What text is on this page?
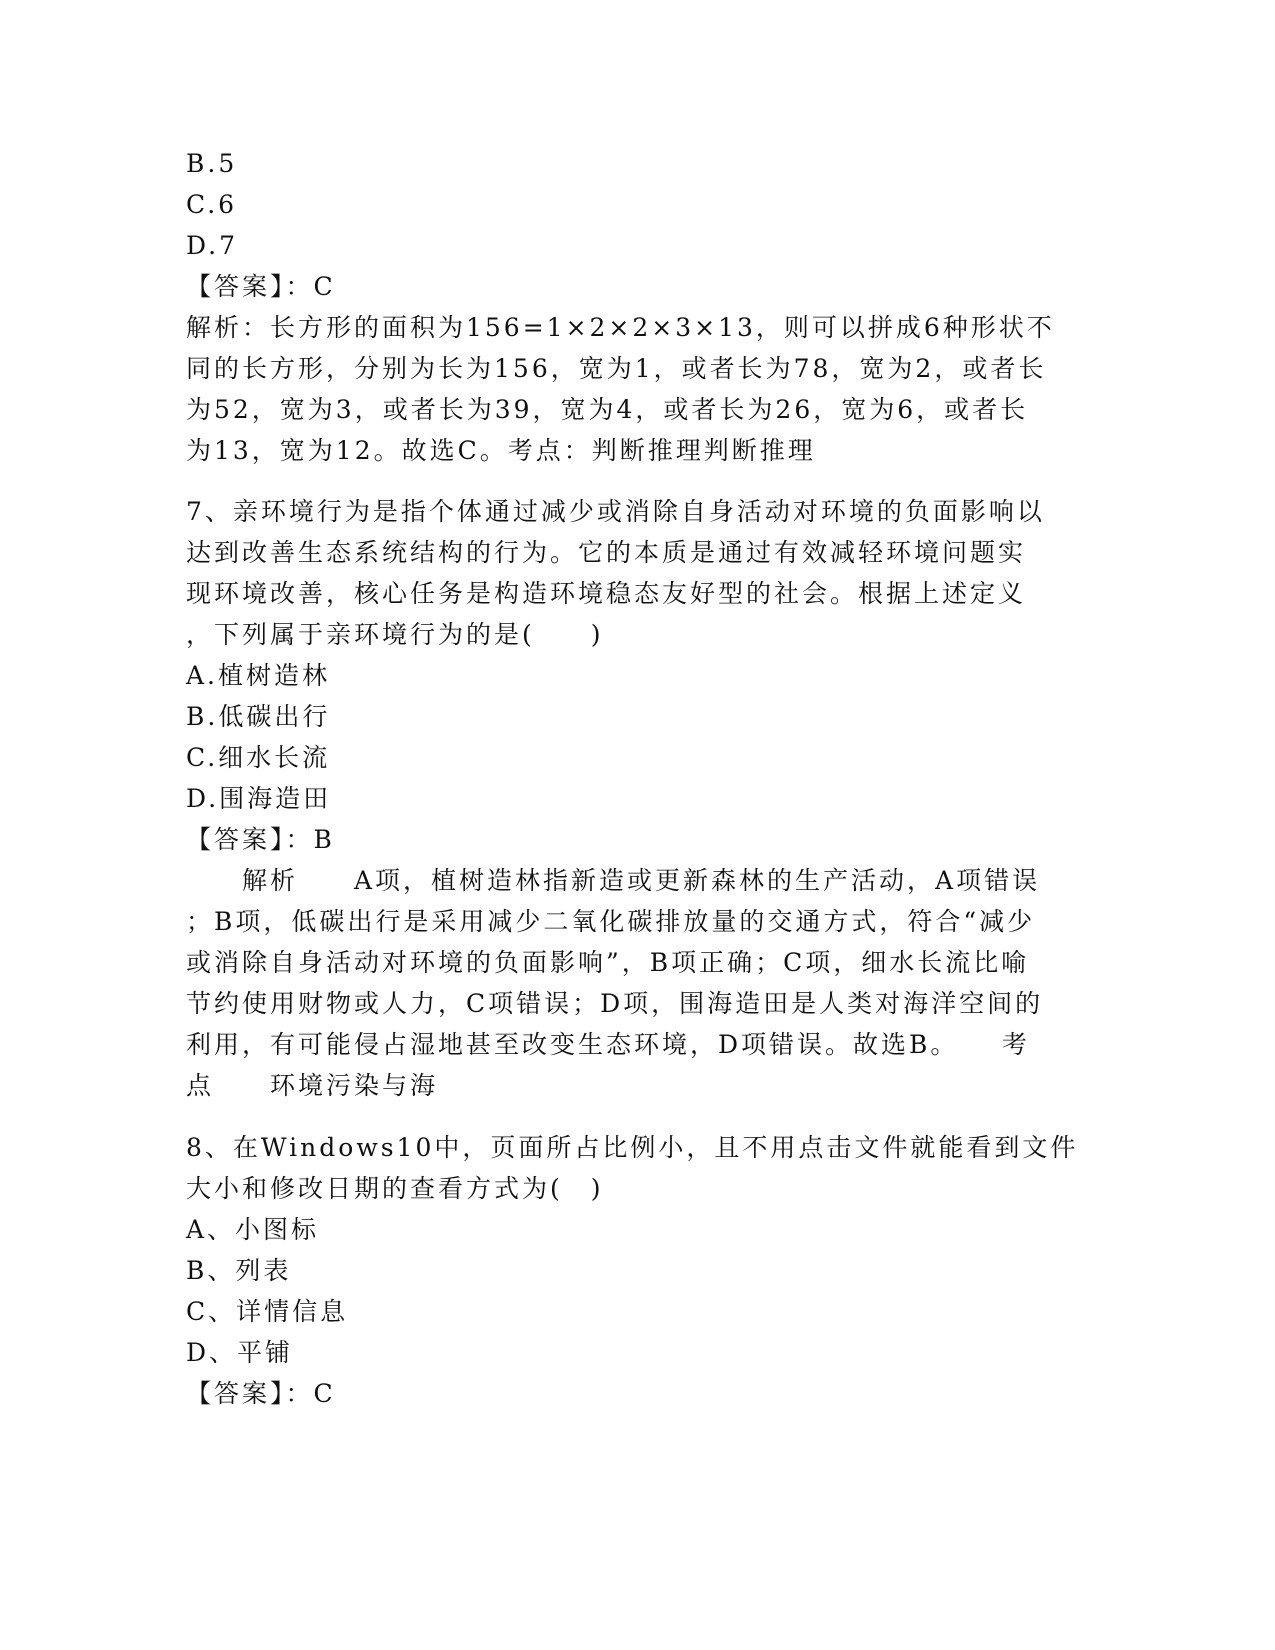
B.5
C.6
D.7
【答案】：C
解析：长方形的面积为156=1×2×2×3×13，则可以拼成6种形状不
同的长方形，分别为长为156，宽为1，或者长为78，宽为2，或者长
为52，宽为3，或者长为39，宽为4，或者长为26，宽为6，或者长
为13，宽为12。故选C。考点：判断推理判断推理
7、亲环境行为是指个体通过减少或消除自身活动对环境的负面影响以
达到改善生态系统结构的行为。它的本质是通过有效减轻环境问题实
现环境改善，核心任务是构造环境稳态友好型的社会。根据上述定义
，下列属于亲环境行为的是(　　)
A.植树造林
B.低碳出行
C.细水长流
D.围海造田
【答案】：B
　　解析　　A项，植树造林指新造或更新森林的生产活动，A项错误
；B项，低碳出行是采用减少二氧化碳排放量的交通方式，符合“减少
或消除自身活动对环境的负面影响”，B项正确；C项，细水长流比喻
节约使用财物或人力，C项错误；D项，围海造田是人类对海洋空间的
利用，有可能侵占湿地甚至改变生态环境，D项错误。故选B。　　考
点　　环境污染与海
8、在Windows10中，页面所占比例小，且不用点击文件就能看到文件
大小和修改日期的查看方式为(　)
A、小图标
B、列表
C、详情信息
D、平铺
【答案】：C
